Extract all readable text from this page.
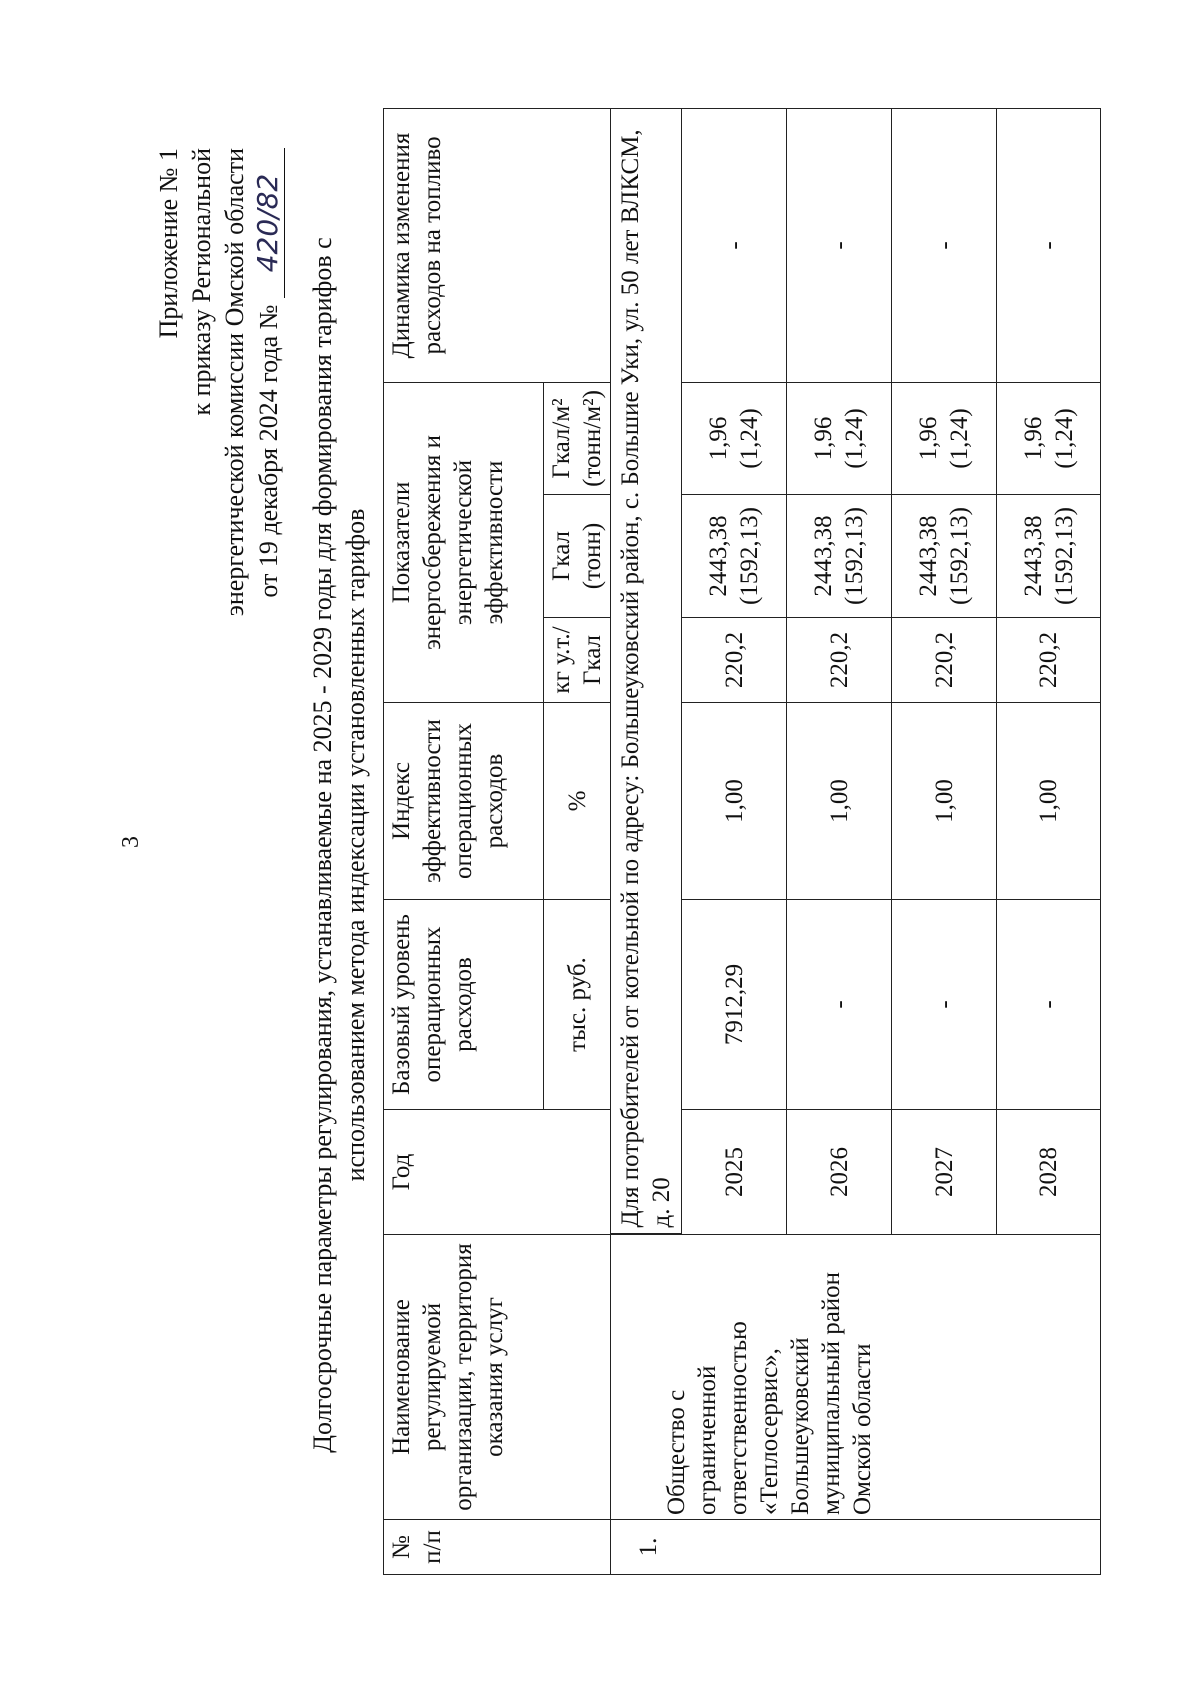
3
Приложение № 1 к приказу Региональной энергетической комиссии Омской области от 19 декабря 2024 года № 420/82
Долгосрочные параметры регулирования, устанавливаемые на 2025 - 2029 годы для формирования тарифов с использованием метода индексации установленных тарифов
№ п/п	Наименование регулируемой организации, территория оказания услуг	Год	Базовый уровень операционных расходов	Индекс эффективности операционных расходов	Показатели энергосбережения и энергетической эффективности			Динамика изменения расходов на топливо
			тыс. руб.	%	кг у.т./ Гкал	Гкал (тонн)	Гкал/м² (тонн/м²)	
1.	Общество с ограниченной ответственностью «Теплосервис», Большеуковский муниципальный район Омской области	Для потребителей от котельной по адресу: Большеуковский район, с. Большие Уки, ул. 50 лет ВЛКСМ, д. 20						
		2025	7912,29	1,00	220,2	2443,38 (1592,13)	1,96 (1,24)	-
		2026	-	1,00	220,2	2443,38 (1592,13)	1,96 (1,24)	-
		2027	-	1,00	220,2	2443,38 (1592,13)	1,96 (1,24)	-
		2028	-	1,00	220,2	2443,38 (1592,13)	1,96 (1,24)	-
